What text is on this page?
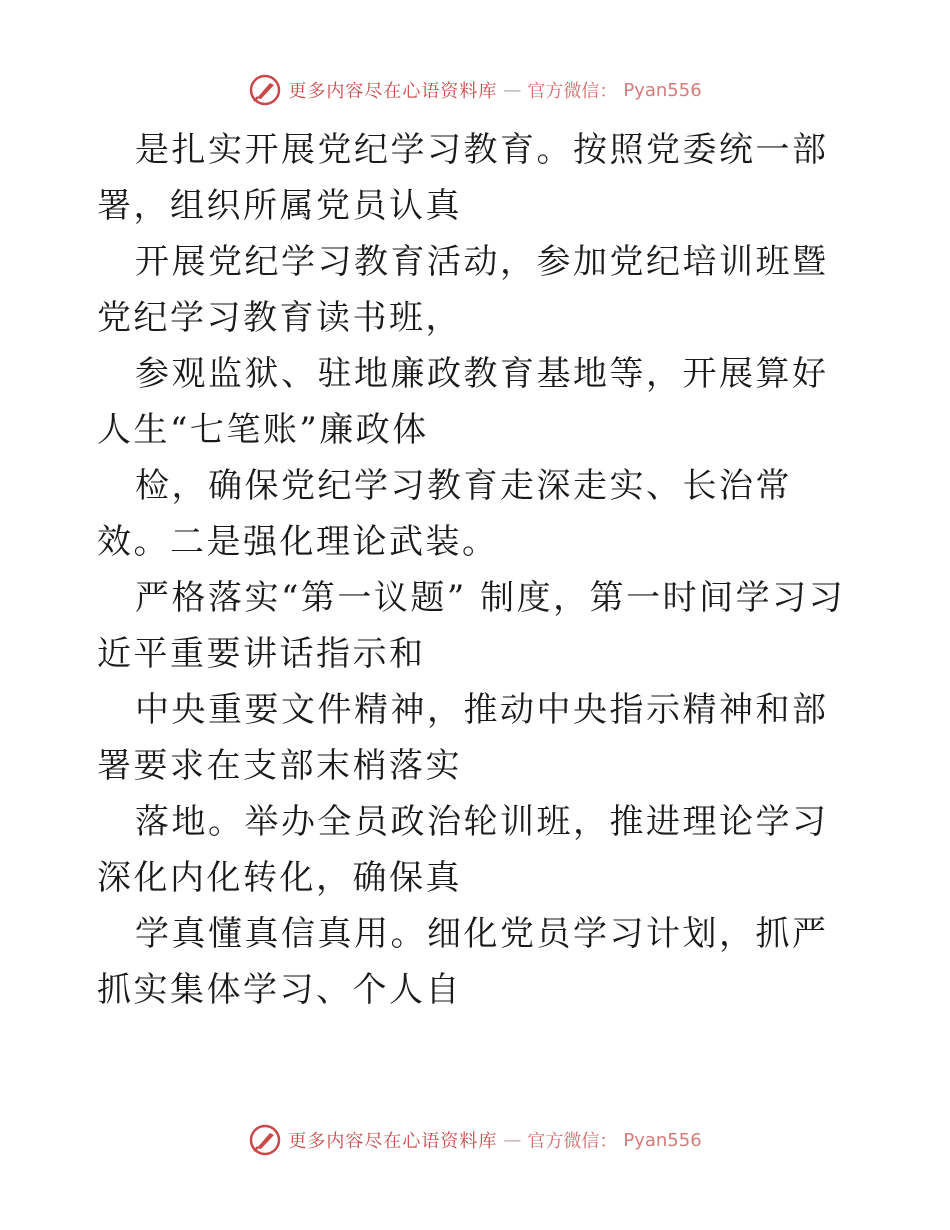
更多内容尽在心语资料库 — 官方微信： Pyan556

是扎实开展党纪学习教育。按照党委统一部署，组织所属党员认真

开展党纪学习教育活动，参加党纪培训班暨党纪学习教育读书班，

参观监狱、驻地廉政教育基地等，开展算好人生“七笔账”廉政体

检，确保党纪学习教育走深走实、长治常效。二是强化理论武装。

严格落实“第一议题” 制度，第一时间学习习近平重要讲话指示和

中央重要文件精神，推动中央指示精神和部署要求在支部末梢落实

落地。举办全员政治轮训班，推进理论学习深化内化转化，确保真

学真懂真信真用。细化党员学习计划，抓严抓实集体学习、个人自

更多内容尽在心语资料库 — 官方微信： Pyan556
